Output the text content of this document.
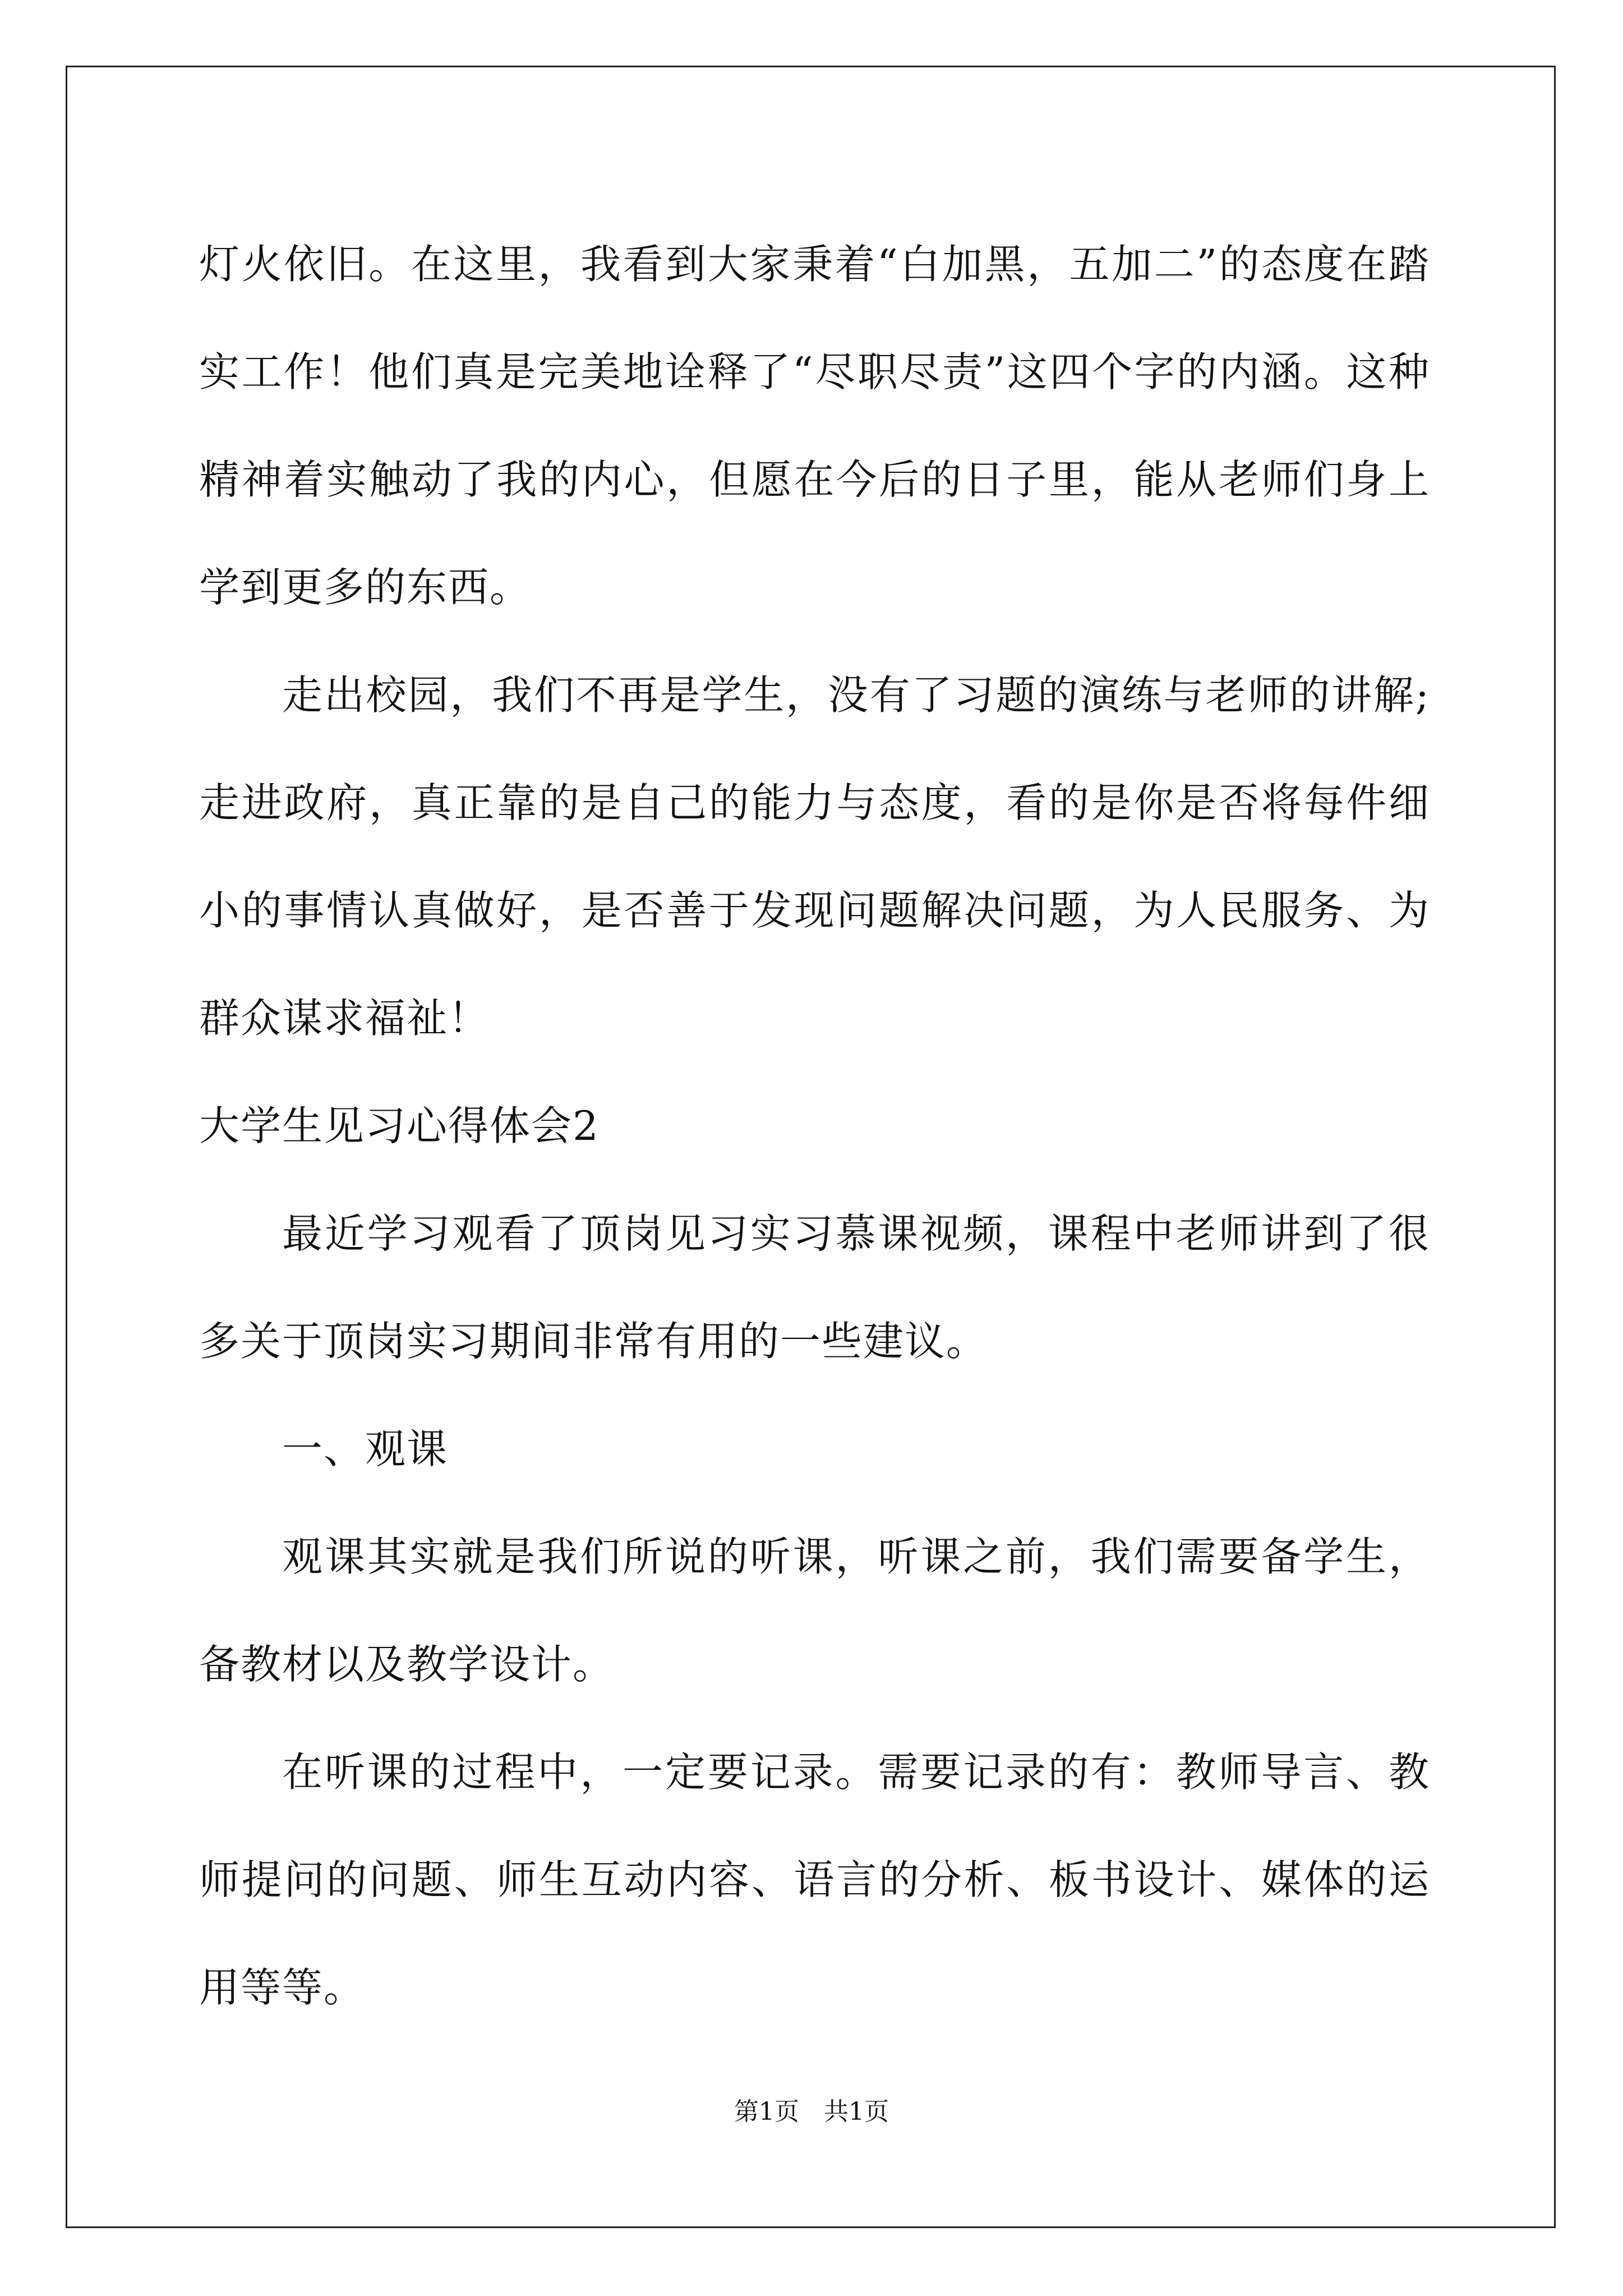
灯火依旧。在这里，我看到大家秉着“白加黑，五加二”的态度在踏实工作！他们真是完美地诠释了“尽职尽责”这四个字的内涵。这种精神着实触动了我的内心，但愿在今后的日子里，能从老师们身上学到更多的东西。

走出校园，我们不再是学生，没有了习题的演练与老师的讲解;走进政府，真正靠的是自己的能力与态度，看的是你是否将每件细小的事情认真做好，是否善于发现问题解决问题，为人民服务、为群众谋求福祉！

大学生见习心得体会2

最近学习观看了顶岗见习实习慕课视频，课程中老师讲到了很多关于顶岗实习期间非常有用的一些建议。

一、观课

观课其实就是我们所说的听课，听课之前，我们需要备学生，备教材以及教学设计。

在听课的过程中，一定要记录。需要记录的有：教师导言、教师提问的问题、师生互动内容、语言的分析、板书设计、媒体的运用等等。

第1页 共1页
